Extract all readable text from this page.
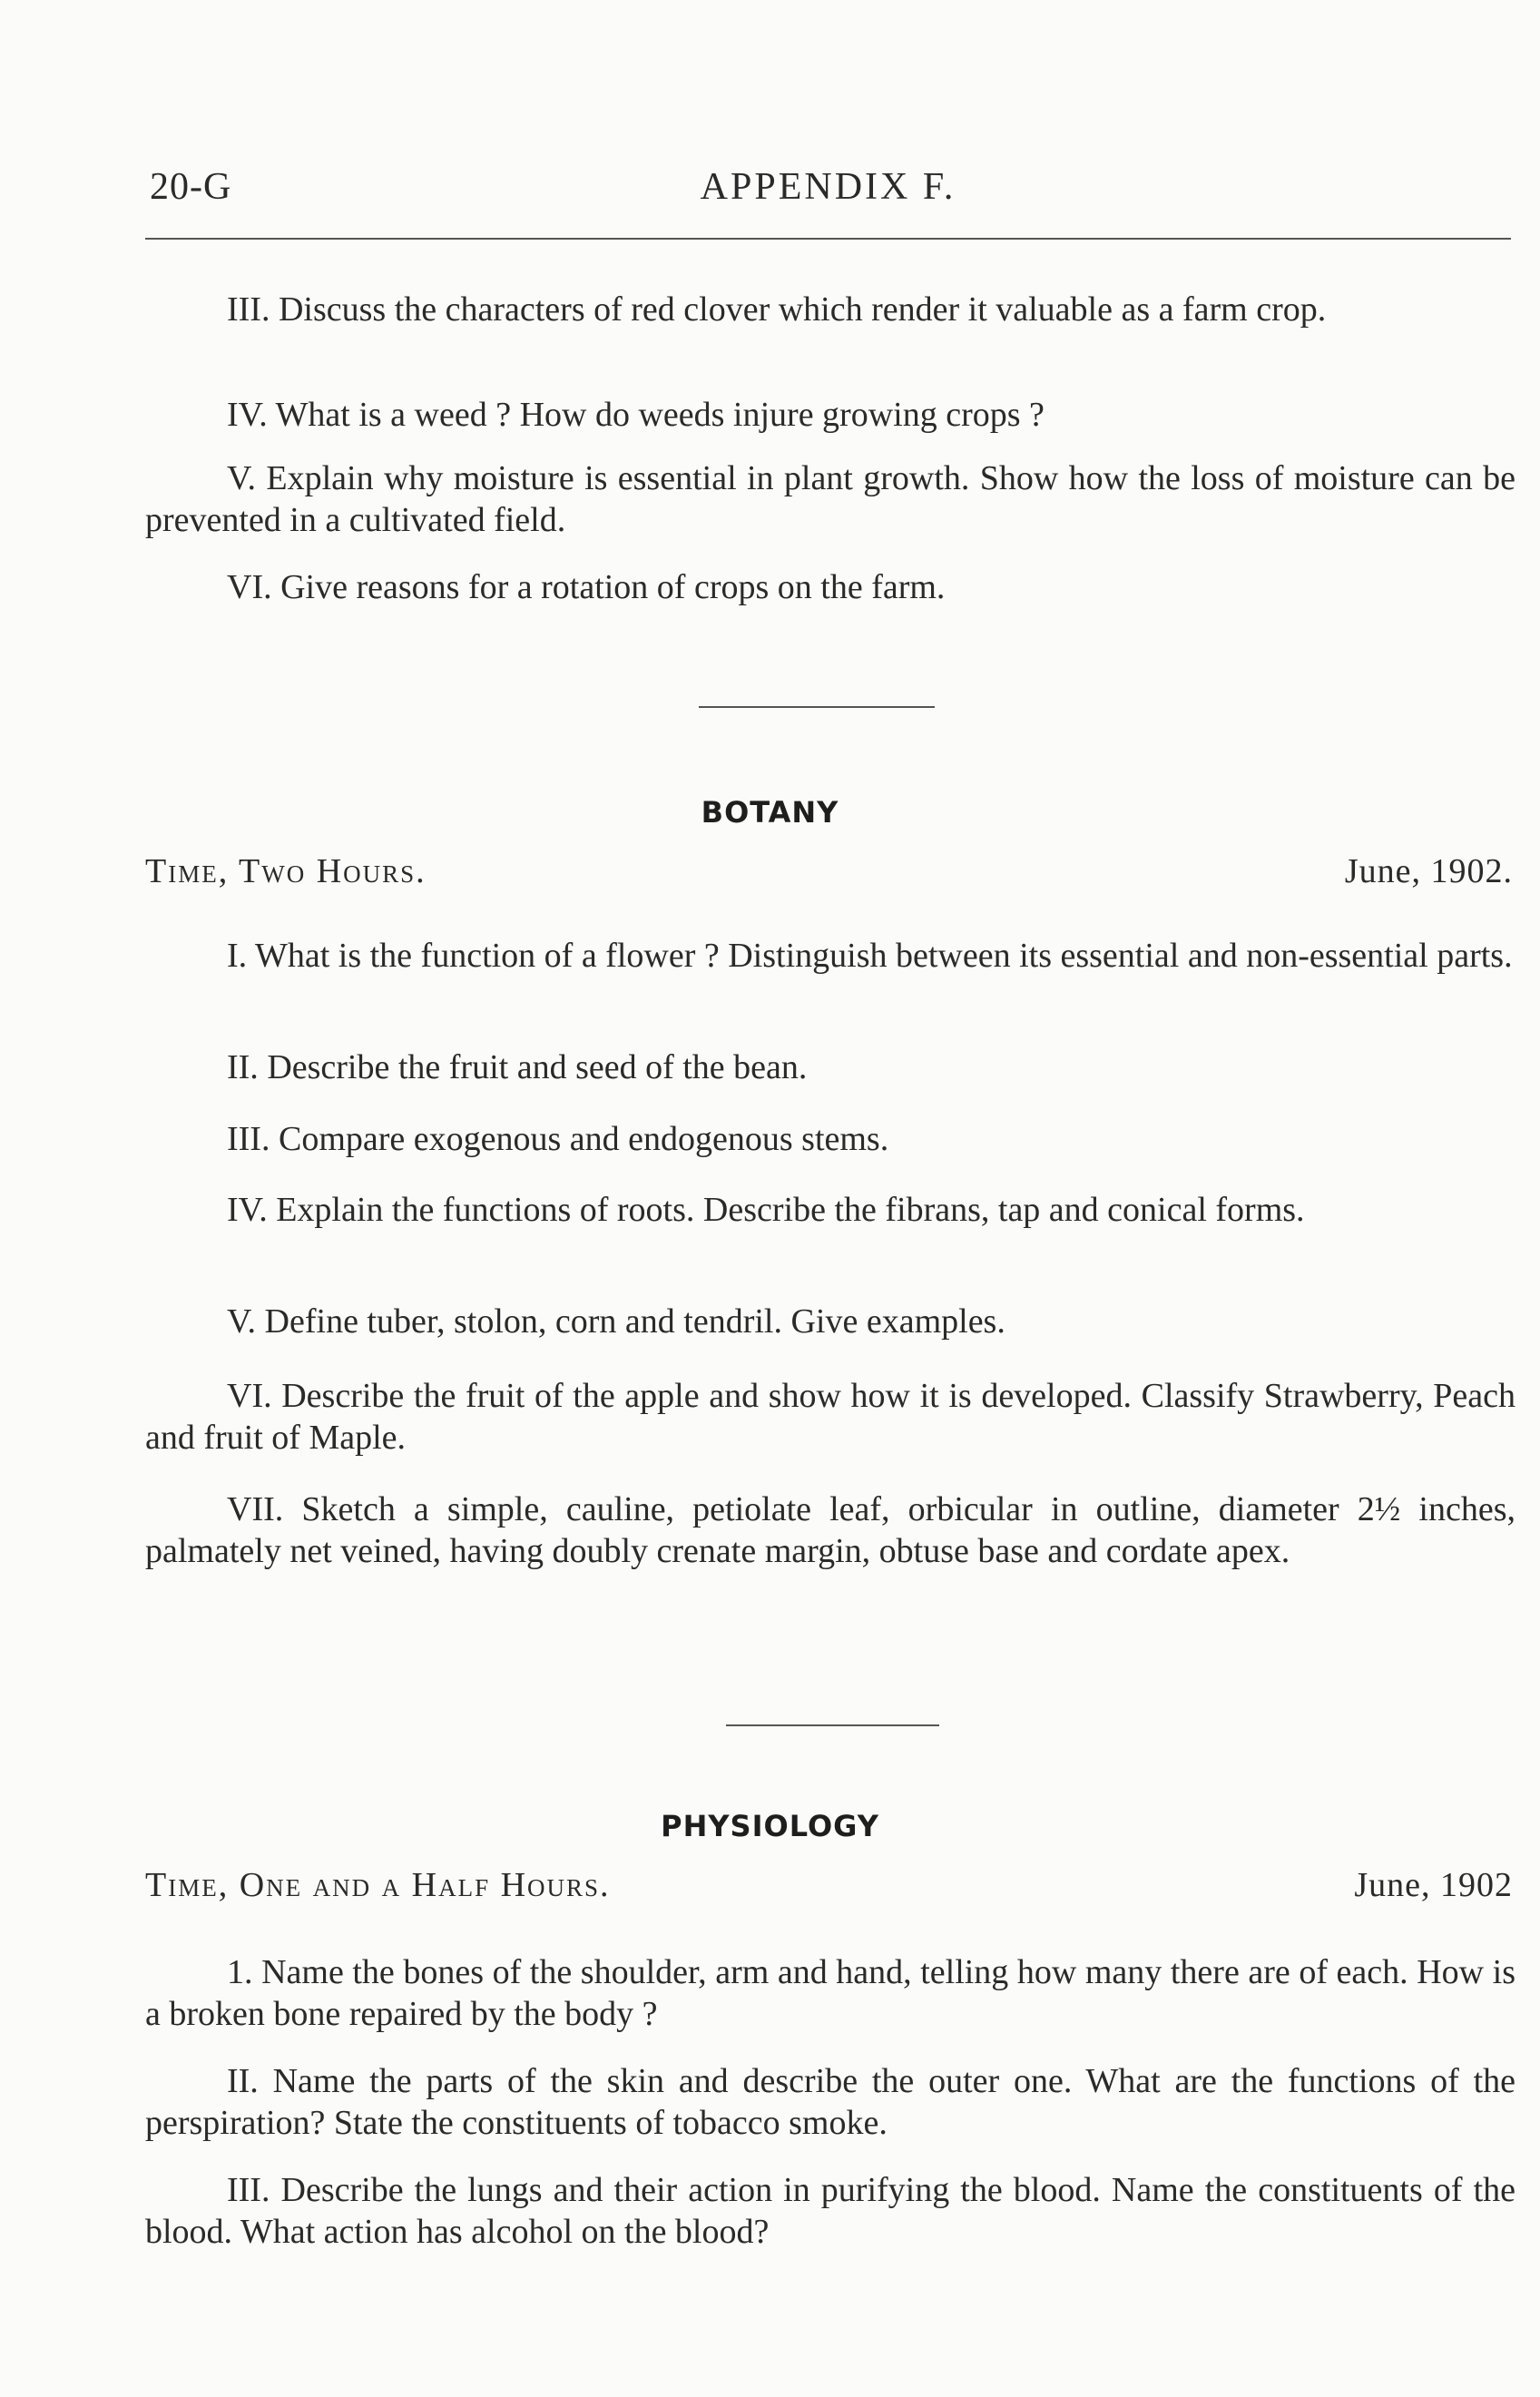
20-G	APPENDIX F.
III. Discuss the characters of red clover which render it valuable as a farm crop.
IV. What is a weed ? How do weeds injure growing crops ?
V. Explain why moisture is essential in plant growth. Show how the loss of moisture can be prevented in a cultivated field.
VI. Give reasons for a rotation of crops on the farm.
BOTANY
Time, Two Hours.	June, 1902.
I. What is the function of a flower ? Distinguish between its essential and non-essential parts.
II. Describe the fruit and seed of the bean.
III. Compare exogenous and endogenous stems.
IV. Explain the functions of roots. Describe the fibrans, tap and conical forms.
V. Define tuber, stolon, corn and tendril. Give examples.
VI. Describe the fruit of the apple and show how it is developed. Classify Strawberry, Peach and fruit of Maple.
VII. Sketch a simple, cauline, petiolate leaf, orbicular in outline, diameter 2½ inches, palmately net veined, having doubly crenate margin, obtuse base and cordate apex.
PHYSIOLOGY
Time, One and a Half Hours.	June, 1902
1. Name the bones of the shoulder, arm and hand, telling how many there are of each. How is a broken bone repaired by the body ?
II. Name the parts of the skin and describe the outer one. What are the functions of the perspiration? State the constituents of tobacco smoke.
III. Describe the lungs and their action in purifying the blood. Name the constituents of the blood. What action has alcohol on the blood?
